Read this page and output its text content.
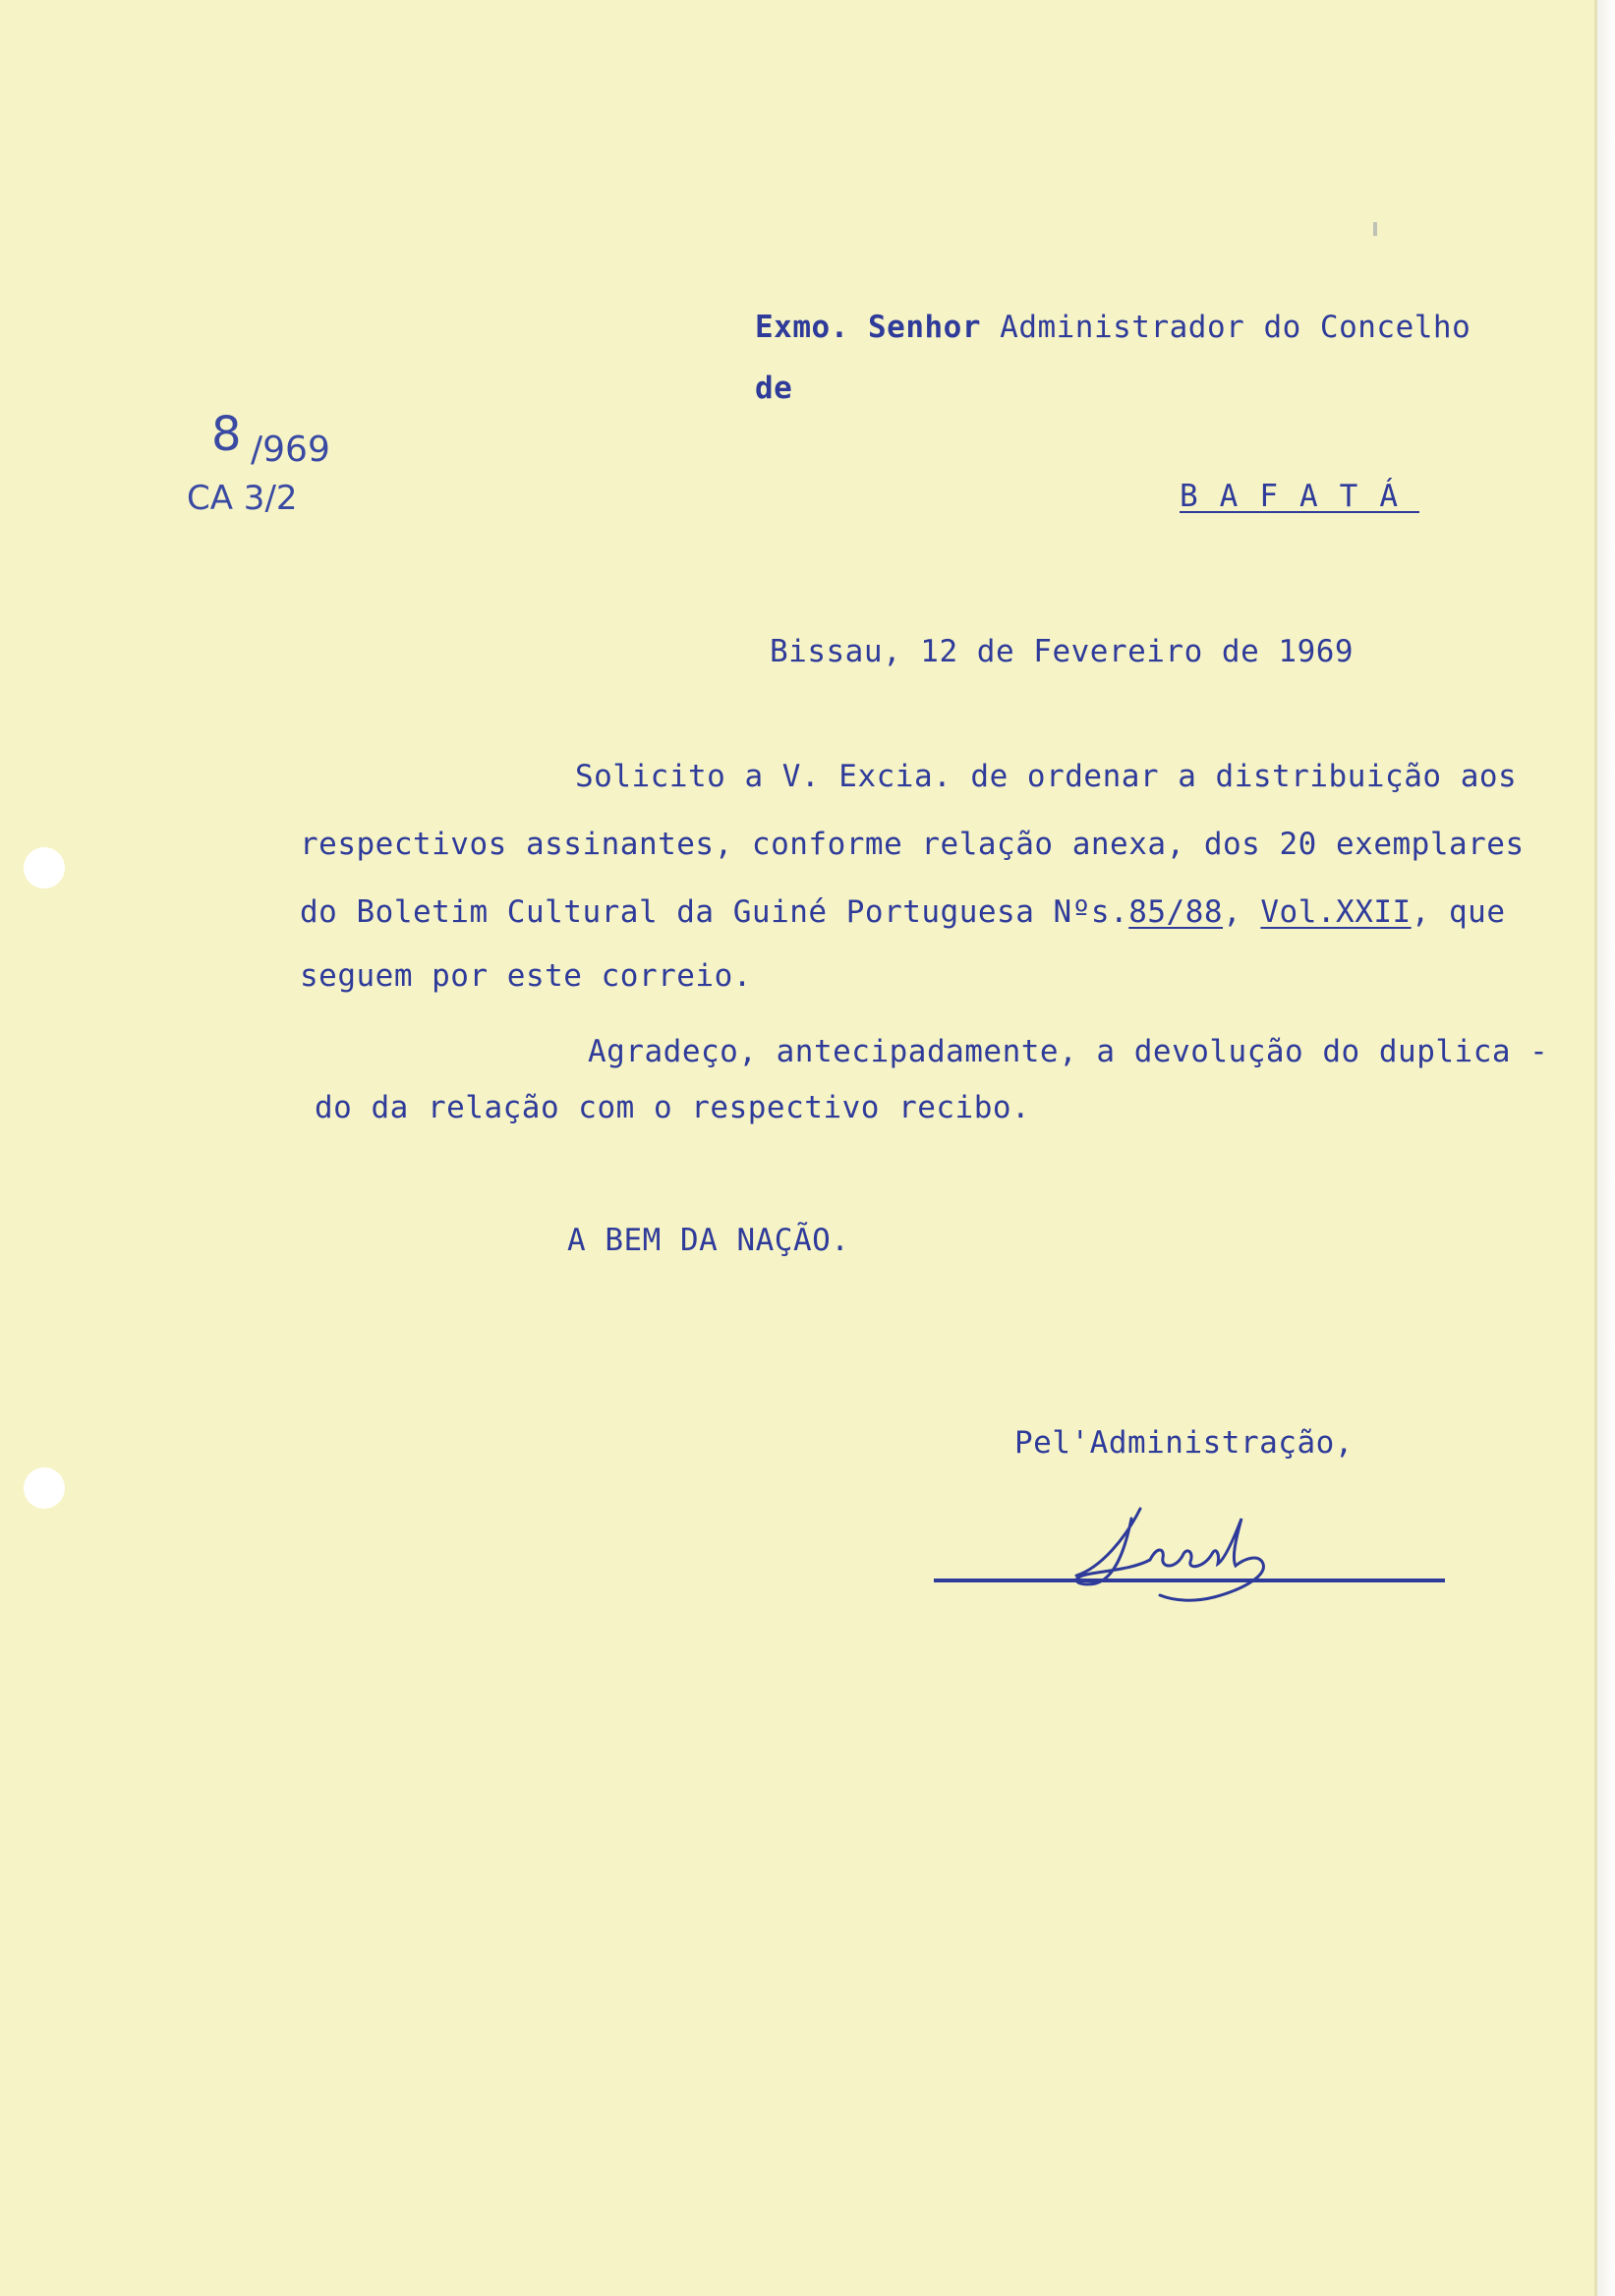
Exmo. Senhor Administrador do Concelho
de
8 /969
CA 3/2	BAFATÁ
Bissau, 12 de Fevereiro de 1969
Solicito a V. Excia. de ordenar a distribuição aos
respectivos assinantes, conforme relação anexa, dos 20 exemplares
do Boletim Cultural da Guiné Portuguesa Nºs.85/88, Vol.XXII, que
seguem por este correio.
Agradeço, antecipadamente, a devolução do duplica -
do da relação com o respectivo recibo.
A BEM DA NAÇÃO.
Pel'Administração,
